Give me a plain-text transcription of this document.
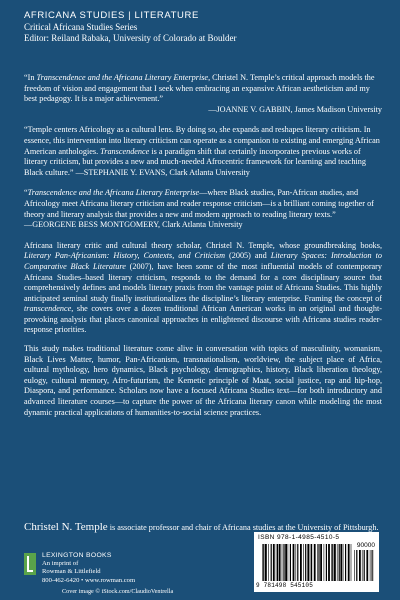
AFRICANA STUDIES | LITERATURE
Critical Africana Studies Series
Editor: Reiland Rabaka, University of Colorado at Boulder

“In Transcendence and the Africana Literary Enterprise, Christel N. Temple’s critical approach models the freedom of vision and engagement that I seek when embracing an expansive African aestheticism and my best pedagogy. It is a major achievement.”
—JOANNE V. GABBIN, James Madison University

“Temple centers Africology as a cultural lens. By doing so, she expands and reshapes literary criticism. In essence, this intervention into literary criticism can operate as a companion to existing and emerging African American anthologies. Transcendence is a paradigm shift that certainly incorporates previous works of literary criticism, but provides a new and much-needed Afrocentric framework for learning and teaching Black culture.” —STEPHANIE Y. EVANS, Clark Atlanta University

“Transcendence and the Africana Literary Enterprise—where Black studies, Pan-African studies, and Africology meet Africana literary criticism and reader response criticism—is a brilliant coming together of theory and literary analysis that provides a new and modern approach to reading literary texts.” —GEORGENE BESS MONTGOMERY, Clark Atlanta University

Africana literary critic and cultural theory scholar, Christel N. Temple, whose groundbreaking books, Literary Pan-Africanism: History, Contexts, and Criticism (2005) and Literary Spaces: Introduction to Comparative Black Literature (2007), have been some of the most influential models of contemporary Africana Studies–based literary criticism, responds to the demand for a core disciplinary source that comprehensively defines and models literary praxis from the vantage point of Africana Studies. This highly anticipated seminal study finally institutionalizes the discipline’s literary enterprise. Framing the concept of transcendence, she covers over a dozen traditional African American works in an original and thought-provoking analysis that places canonical approaches in enlightened discourse with Africana studies reader-response priorities.

This study makes traditional literature come alive in conversation with topics of masculinity, womanism, Black Lives Matter, humor, Pan-Africanism, transnationalism, worldview, the subject place of Africa, cultural mythology, hero dynamics, Black psychology, demographics, history, Black liberation theology, eulogy, cultural memory, Afro-futurism, the Kemetic principle of Maat, social justice, rap and hip-hop, Diaspora, and performance. Scholars now have a focused Africana Studies text—for both introductory and advanced literature courses—to capture the power of the Africana literary canon while modeling the most dynamic practical applications of humanities-to-social science practices.

Christel N. Temple is associate professor and chair of Africana studies at the University of Pittsburgh.
LEXINGTON BOOKS
An imprint of
Rowman & Littlefield
800-462-6420 • www.rowman.com
Cover image © iStock.com/ClaudioVentrella
ISBN 978-1-4985-4510-5
90000
9 781498 545105
